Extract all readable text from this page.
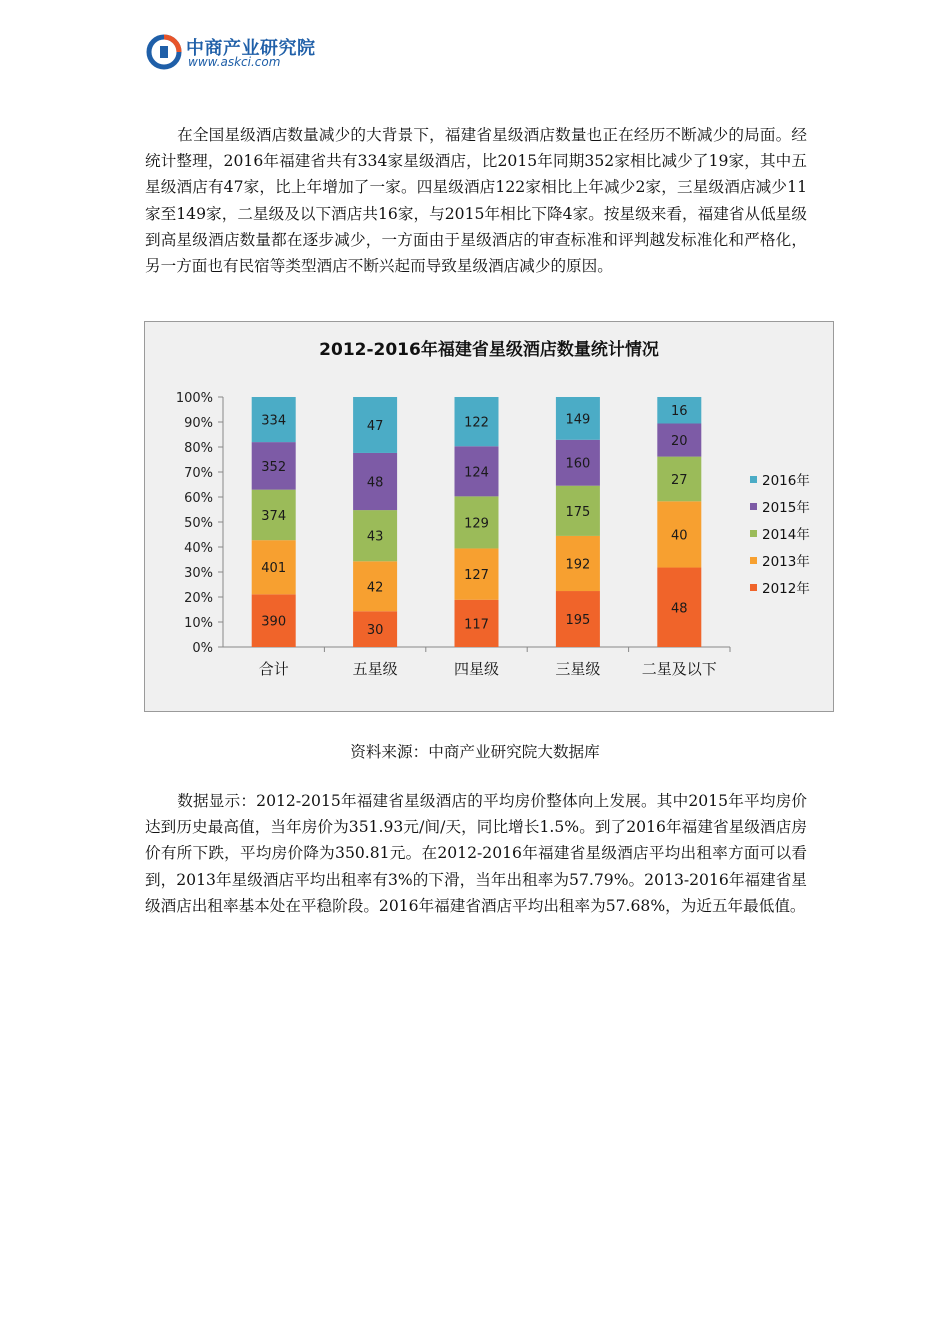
中商产业研究院
www.askci.com

在全国星级酒店数量减少的大背景下，福建省星级酒店数量也正在经历不断减少的局面。经统计整理，2016年福建省共有334家星级酒店，比2015年同期352家相比减少了19家，其中五星级酒店有47家，比上年增加了一家。四星级酒店122家相比上年减少2家，三星级酒店减少11家至149家，二星级及以下酒店共16家，与2015年相比下降4家。按星级来看，福建省从低星级到高星级酒店数量都在逐步减少，一方面由于星级酒店的审查标准和评判越发标准化和严格化，另一方面也有民宿等类型酒店不断兴起而导致星级酒店减少的原因。

2012-2016年福建省星级酒店数量统计情况
0%
10%
20%
30%
40%
50%
60%
70%
80%
90%
100%
390
401
374
352
334
合计
30
42
43
48
47
五星级
117
127
129
124
122
四星级
195
192
175
160
149
三星级
48
40
27
20
16
二星及以下
2016年
2015年
2014年
2013年
2012年
资料来源：中商产业研究院大数据库

数据显示：2012-2015年福建省星级酒店的平均房价整体向上发展。其中2015年平均房价达到历史最高值，当年房价为351.93元/间/天，同比增长1.5%。到了2016年福建省星级酒店房价有所下跌，平均房价降为350.81元。在2012-2016年福建省星级酒店平均出租率方面可以看到，2013年星级酒店平均出租率有3%的下滑，当年出租率为57.79%。2013-2016年福建省星级酒店出租率基本处在平稳阶段。2016年福建省酒店平均出租率为57.68%，为近五年最低值。
